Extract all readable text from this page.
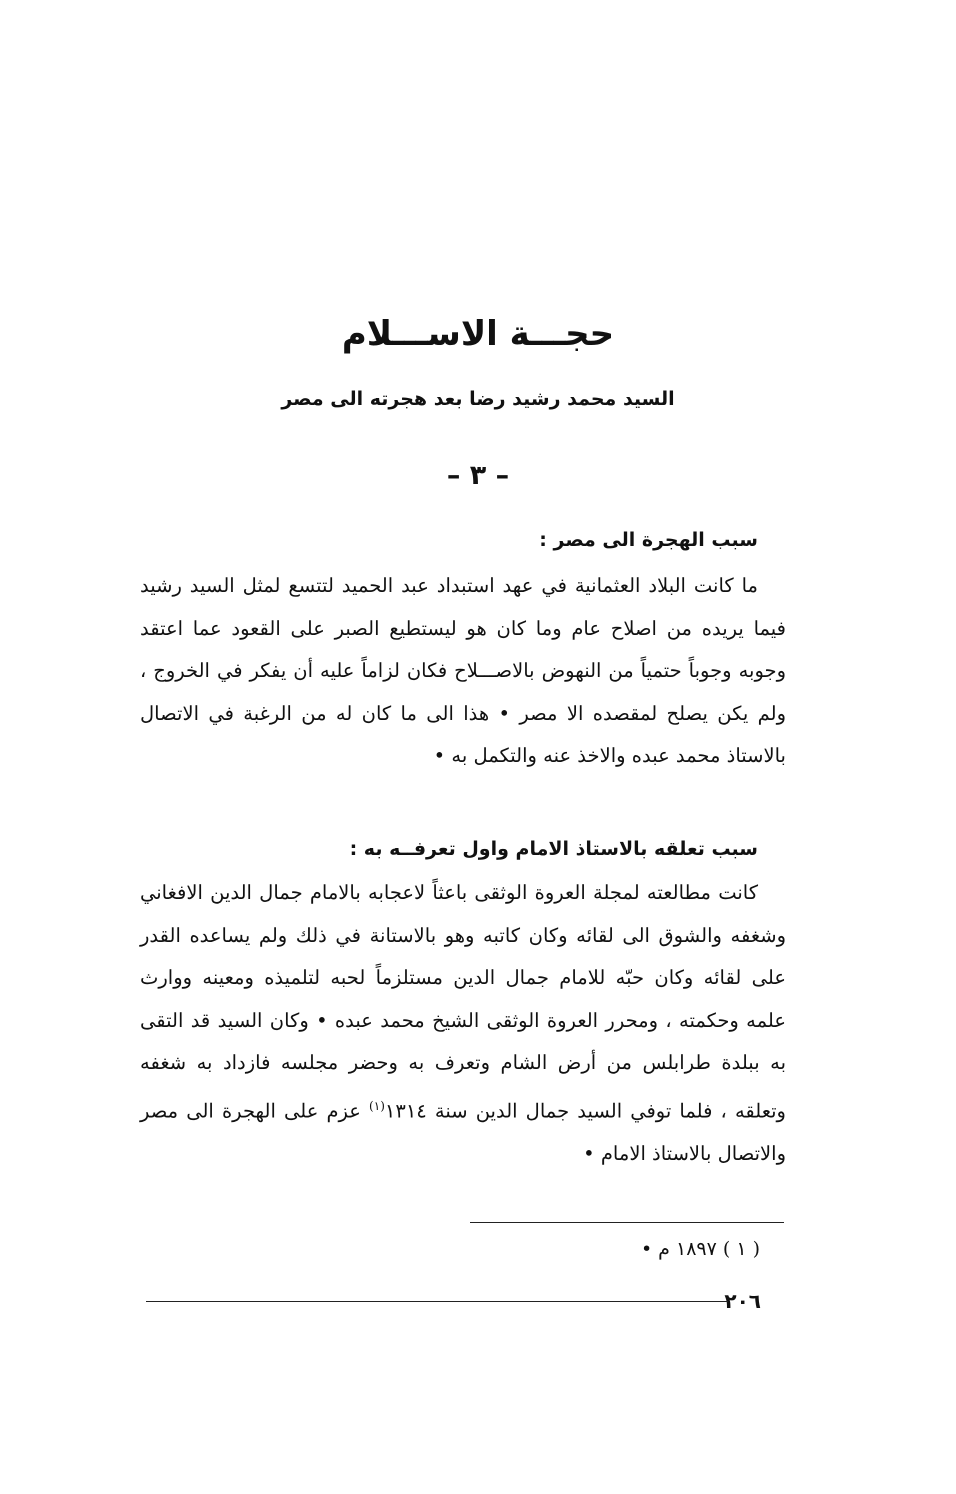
حجـــة الاســـلام
السيد محمد رشيد رضا بعد هجرته الى مصر
– ٣ –
سبب الهجرة الى مصر :

ما كانت البلاد العثمانية في عهد استبداد عبد الحميد لتتسع لمثل السيد رشيد فيما يريده من اصلاح عام وما كان هو ليستطيع الصبر على القعود عما اعتقد وجوبه وجوباً حتمياً من النهوض بالاصـــلاح فكان لزاماً عليه أن يفكر في الخروج ، ولم يكن يصلح لمقصده الا مصر • هذا الى ما كان له من الرغبة في الاتصال بالاستاذ محمد عبده والاخذ عنه والتكمل به •

سبب تعلقه بالاستاذ الامام واول تعرفــه به :

كانت مطالعته لمجلة العروة الوثقى باعثاً لاعجابه بالامام جمال الدين الافغاني وشغفه والشوق الى لقائه وكان كاتبه وهو بالاستانة في ذلك ولم يساعده القدر على لقائه وكان حبّه للامام جمال الدين مستلزماً لحبه لتلميذه ومعينه ووارث علمه وحكمته ، ومحرر العروة الوثقى الشيخ محمد عبده • وكان السيد قد التقى به ببلدة طرابلس من أرض الشام وتعرف به وحضر مجلسه فازداد به شغفه وتعلقه ، فلما توفي السيد جمال الدين سنة ١٣١٤$^{(١)}$ عزم على الهجرة الى مصر والاتصال بالاستاذ الامام •

( ١ ) ١٨٩٧ م •
٢٠٦
